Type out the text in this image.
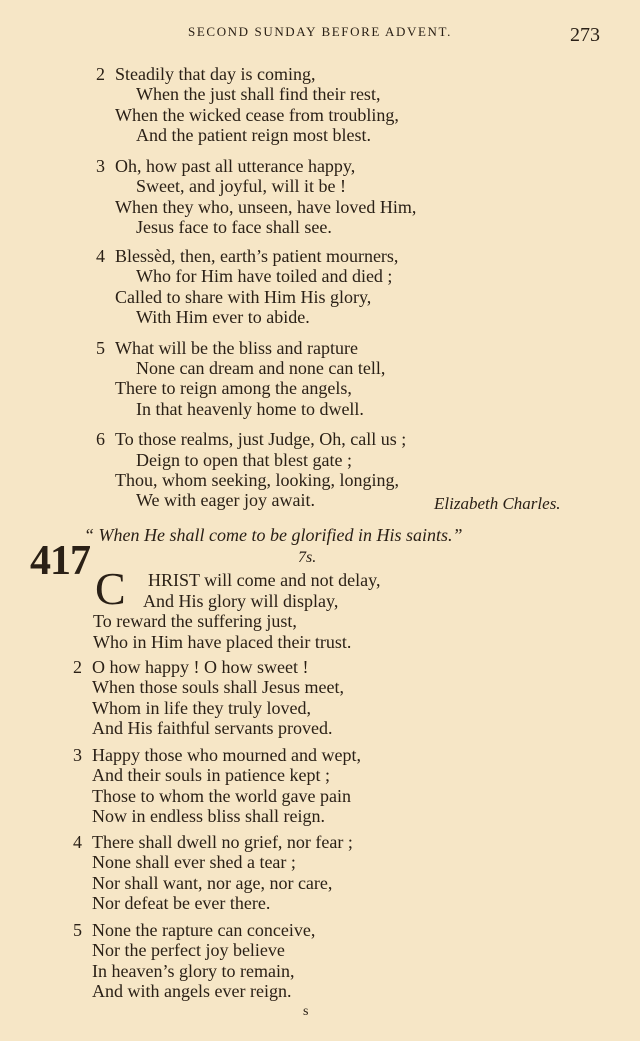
SECOND SUNDAY BEFORE ADVENT.	273
2 Steadily that day is coming,
When the just shall find their rest,
When the wicked cease from troubling,
And the patient reign most blest.
3 Oh, how past all utterance happy,
Sweet, and joyful, will it be !
When they who, unseen, have loved Him,
Jesus face to face shall see.
4 Blessèd, then, earth’s patient mourners,
Who for Him have toiled and died ;
Called to share with Him His glory,
With Him ever to abide.
5 What will be the bliss and rapture
None can dream and none can tell,
There to reign among the angels,
In that heavenly home to dwell.
6 To those realms, just Judge, Oh, call us ;
Deign to open that blest gate ;
Thou, whom seeking, looking, longing,
We with eager joy await.	Elizabeth Charles.
“ When He shall come to be glorified in His saints.”
417	7s.
C HRIST will come and not delay,
And His glory will display,
To reward the suffering just,
Who in Him have placed their trust.
2 O how happy ! O how sweet !
When those souls shall Jesus meet,
Whom in life they truly loved,
And His faithful servants proved.
3 Happy those who mourned and wept,
And their souls in patience kept ;
Those to whom the world gave pain
Now in endless bliss shall reign.
4 There shall dwell no grief, nor fear ;
None shall ever shed a tear ;
Nor shall want, nor age, nor care,
Nor defeat be ever there.
5 None the rapture can conceive,
Nor the perfect joy believe
In heaven’s glory to remain,
And with angels ever reign.
s
